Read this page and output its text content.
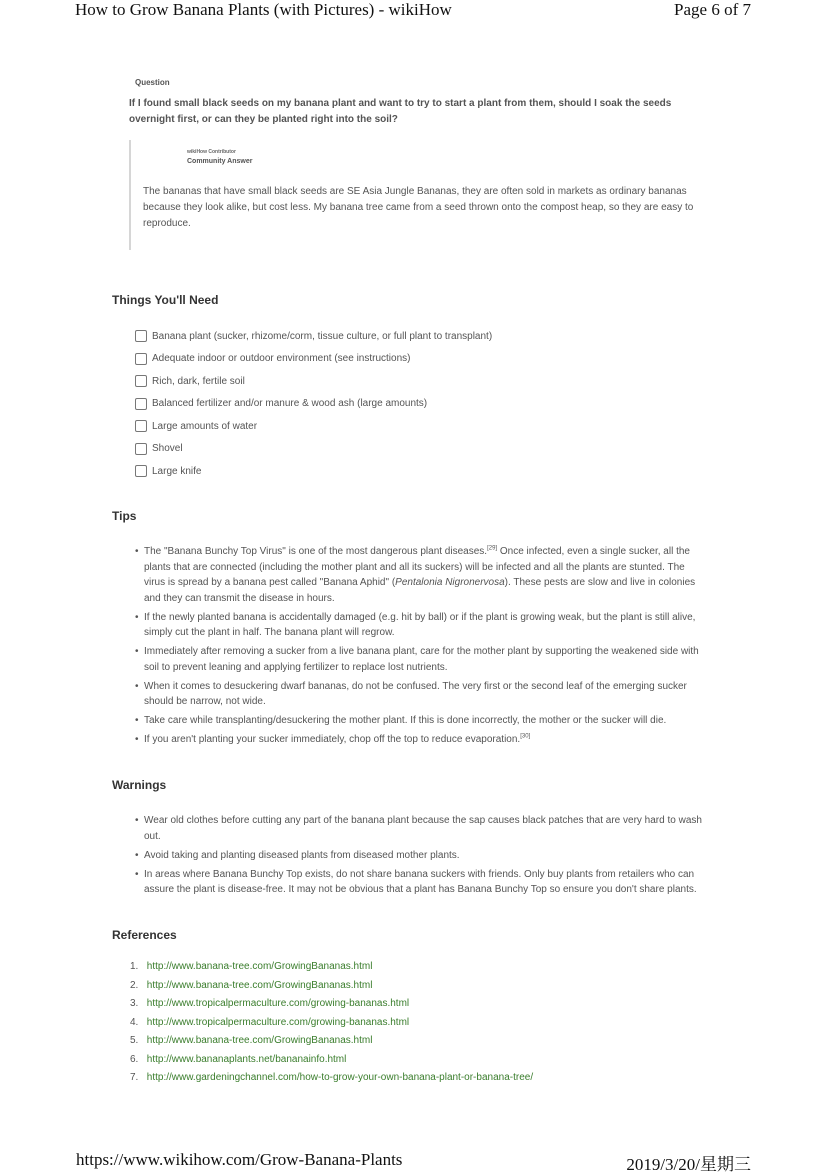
How to Grow Banana Plants (with Pictures) - wikiHow	Page 6 of 7
https://www.wikihow.com/Grow-Banana-Plants	2019/3/20/星期三
Question
If I found small black seeds on my banana plant and want to try to start a plant from them, should I soak the seeds overnight first, or can they be planted right into the soil?
wikiHow Contributor
Community Answer
The bananas that have small black seeds are SE Asia Jungle Bananas, they are often sold in markets as ordinary bananas because they look alike, but cost less. My banana tree came from a seed thrown onto the compost heap, so they are easy to reproduce.
Things You'll Need
Banana plant (sucker, rhizome/corm, tissue culture, or full plant to transplant)
Adequate indoor or outdoor environment (see instructions)
Rich, dark, fertile soil
Balanced fertilizer and/or manure & wood ash (large amounts)
Large amounts of water
Shovel
Large knife
Tips
• The "Banana Bunchy Top Virus" is one of the most dangerous plant diseases.[29] Once infected, even a single sucker, all the plants that are connected (including the mother plant and all its suckers) will be infected and all the plants are stunted. The virus is spread by a banana pest called "Banana Aphid" (Pentalonia Nigronervosa). These pests are slow and live in colonies and they can transmit the disease in hours.
• If the newly planted banana is accidentally damaged (e.g. hit by ball) or if the plant is growing weak, but the plant is still alive, simply cut the plant in half. The banana plant will regrow.
• Immediately after removing a sucker from a live banana plant, care for the mother plant by supporting the weakened side with soil to prevent leaning and applying fertilizer to replace lost nutrients.
• When it comes to desuckering dwarf bananas, do not be confused. The very first or the second leaf of the emerging sucker should be narrow, not wide.
• Take care while transplanting/desuckering the mother plant. If this is done incorrectly, the mother or the sucker will die.
• If you aren't planting your sucker immediately, chop off the top to reduce evaporation.[30]
Warnings
• Wear old clothes before cutting any part of the banana plant because the sap causes black patches that are very hard to wash out.
• Avoid taking and planting diseased plants from diseased mother plants.
• In areas where Banana Bunchy Top exists, do not share banana suckers with friends. Only buy plants from retailers who can assure the plant is disease-free. It may not be obvious that a plant has Banana Bunchy Top so ensure you don't share plants.
References
1. http://www.banana-tree.com/GrowingBananas.html
2. http://www.banana-tree.com/GrowingBananas.html
3. http://www.tropicalpermaculture.com/growing-bananas.html
4. http://www.tropicalpermaculture.com/growing-bananas.html
5. http://www.banana-tree.com/GrowingBananas.html
6. http://www.bananaplants.net/bananainfo.html
7. http://www.gardeningchannel.com/how-to-grow-your-own-banana-plant-or-banana-tree/
